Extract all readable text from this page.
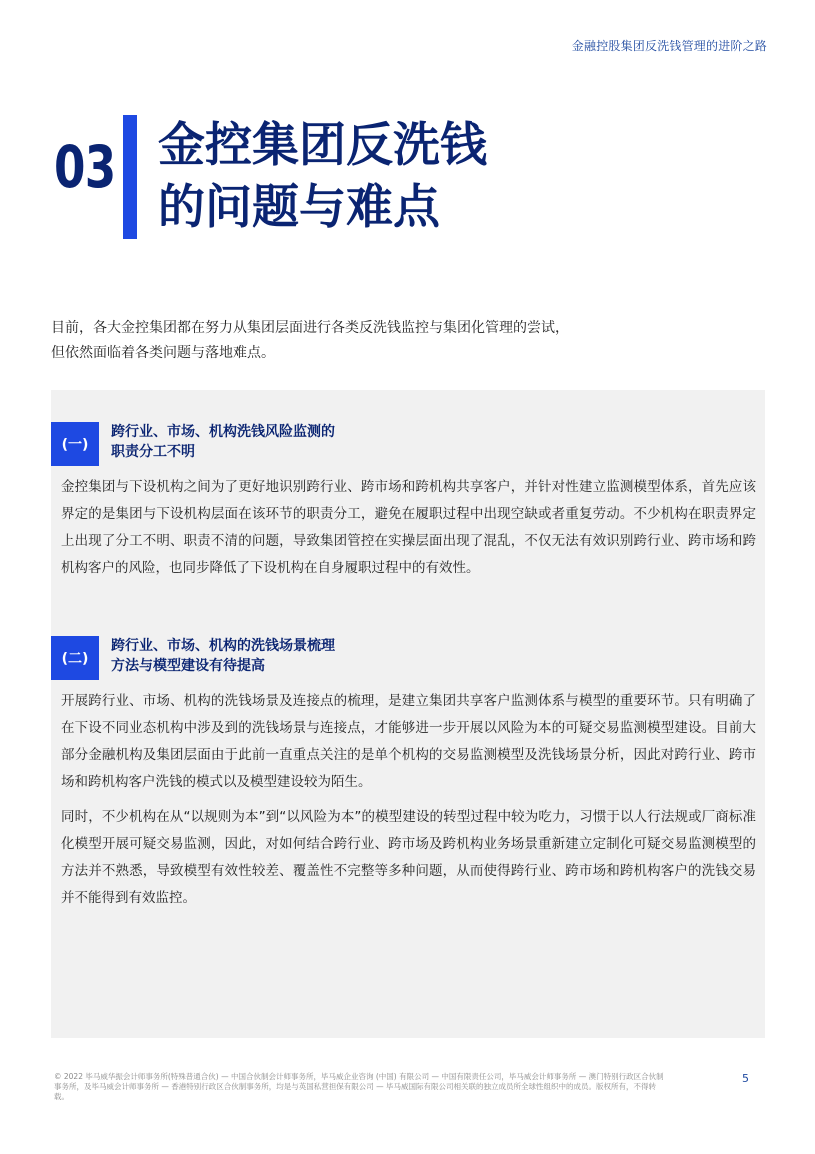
金融控股集团反洗钱管理的进阶之路
03 金控集团反洗钱
的问题与难点
目前，各大金控集团都在努力从集团层面进行各类反洗钱监控与集团化管理的尝试，
但依然面临着各类问题与落地难点。
(一)
跨行业、市场、机构洗钱风险监测的
职责分工不明
金控集团与下设机构之间为了更好地识别跨行业、跨市场和跨机构共享客户，并针对性建立监测模型体系，首先应该界定的是集团与下设机构层面在该环节的职责分工，避免在履职过程中出现空缺或者重复劳动。不少机构在职责界定上出现了分工不明、职责不清的问题，导致集团管控在实操层面出现了混乱，不仅无法有效识别跨行业、跨市场和跨机构客户的风险，也同步降低了下设机构在自身履职过程中的有效性。
(二)
跨行业、市场、机构的洗钱场景梳理
方法与模型建设有待提高
开展跨行业、市场、机构的洗钱场景及连接点的梳理，是建立集团共享客户监测体系与模型的重要环节。只有明确了在下设不同业态机构中涉及到的洗钱场景与连接点，才能够进一步开展以风险为本的可疑交易监测模型建设。目前大部分金融机构及集团层面由于此前一直重点关注的是单个机构的交易监测模型及洗钱场景分析，因此对跨行业、跨市场和跨机构客户洗钱的模式以及模型建设较为陌生。
同时，不少机构在从“以规则为本”到“以风险为本”的模型建设的转型过程中较为吃力，习惯于以人行法规或厂商标准化模型开展可疑交易监测，因此，对如何结合跨行业、跨市场及跨机构业务场景重新建立定制化可疑交易监测模型的方法并不熟悉，导致模型有效性较差、覆盖性不完整等多种问题，从而使得跨行业、跨市场和跨机构客户的洗钱交易并不能得到有效监控。
© 2022 毕马威华振会计师事务所(特殊普通合伙) — 中国合伙制会计师事务所，毕马威企业咨询 (中国) 有限公司 — 中国有限责任公司，毕马威会计师事务所 — 澳门特别行政区合伙制事务所，及毕马威会计师事务所 — 香港特别行政区合伙制事务所，均是与英国私营担保有限公司 — 毕马威国际有限公司相关联的独立成员所全球性组织中的成员。版权所有，不得转载。
5
